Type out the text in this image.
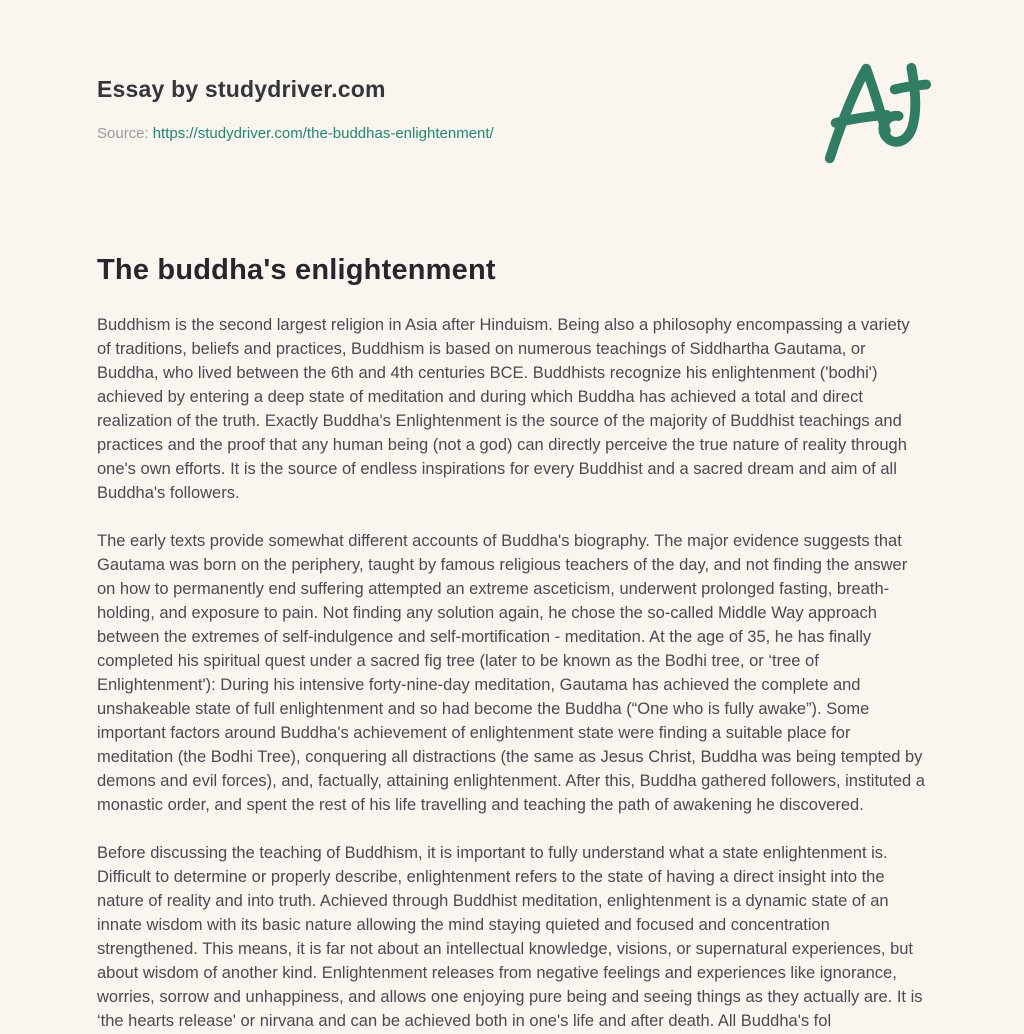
Essay by studydriver.com
Source: https://studydriver.com/the-buddhas-enlightenment/
The buddha's enlightenment

Buddhism is the second largest religion in Asia after Hinduism. Being also a philosophy encompassing a variety of traditions, beliefs and practices, Buddhism is based on numerous teachings of Siddhartha Gautama, or Buddha, who lived between the 6th and 4th centuries BCE. Buddhists recognize his enlightenment ('bodhi') achieved by entering a deep state of meditation and during which Buddha has achieved a total and direct realization of the truth. Exactly Buddha's Enlightenment is the source of the majority of Buddhist teachings and practices and the proof that any human being (not a god) can directly perceive the true nature of reality through one's own efforts. It is the source of endless inspirations for every Buddhist and a sacred dream and aim of all Buddha's followers.

The early texts provide somewhat different accounts of Buddha's biography. The major evidence suggests that Gautama was born on the periphery, taught by famous religious teachers of the day, and not finding the answer on how to permanently end suffering attempted an extreme asceticism, underwent prolonged fasting, breath-holding, and exposure to pain. Not finding any solution again, he chose the so-called Middle Way approach between the extremes of self-indulgence and self-mortification - meditation. At the age of 35, he has finally completed his spiritual quest under a sacred fig tree (later to be known as the Bodhi tree, or ‘tree of Enlightenment'): During his intensive forty-nine-day meditation, Gautama has achieved the complete and unshakeable state of full enlightenment and so had become the Buddha (“One who is fully awake”). Some important factors around Buddha's achievement of enlightenment state were finding a suitable place for meditation (the Bodhi Tree), conquering all distractions (the same as Jesus Christ, Buddha was being tempted by demons and evil forces), and, factually, attaining enlightenment. After this, Buddha gathered followers, instituted a monastic order, and spent the rest of his life travelling and teaching the path of awakening he discovered.

Before discussing the teaching of Buddhism, it is important to fully understand what a state enlightenment is. Difficult to determine or properly describe, enlightenment refers to the state of having a direct insight into the nature of reality and into truth. Achieved through Buddhist meditation, enlightenment is a dynamic state of an innate wisdom with its basic nature allowing the mind staying quieted and focused and concentration strengthened. This means, it is far not about an intellectual knowledge, visions, or supernatural experiences, but about wisdom of another kind. Enlightenment releases from negative feelings and experiences like ignorance, worries, sorrow and unhappiness, and allows one enjoying pure being and seeing things as they actually are. It is ‘the hearts release' or nirvana and can be achieved both in one's life and after death. All Buddha's fol
